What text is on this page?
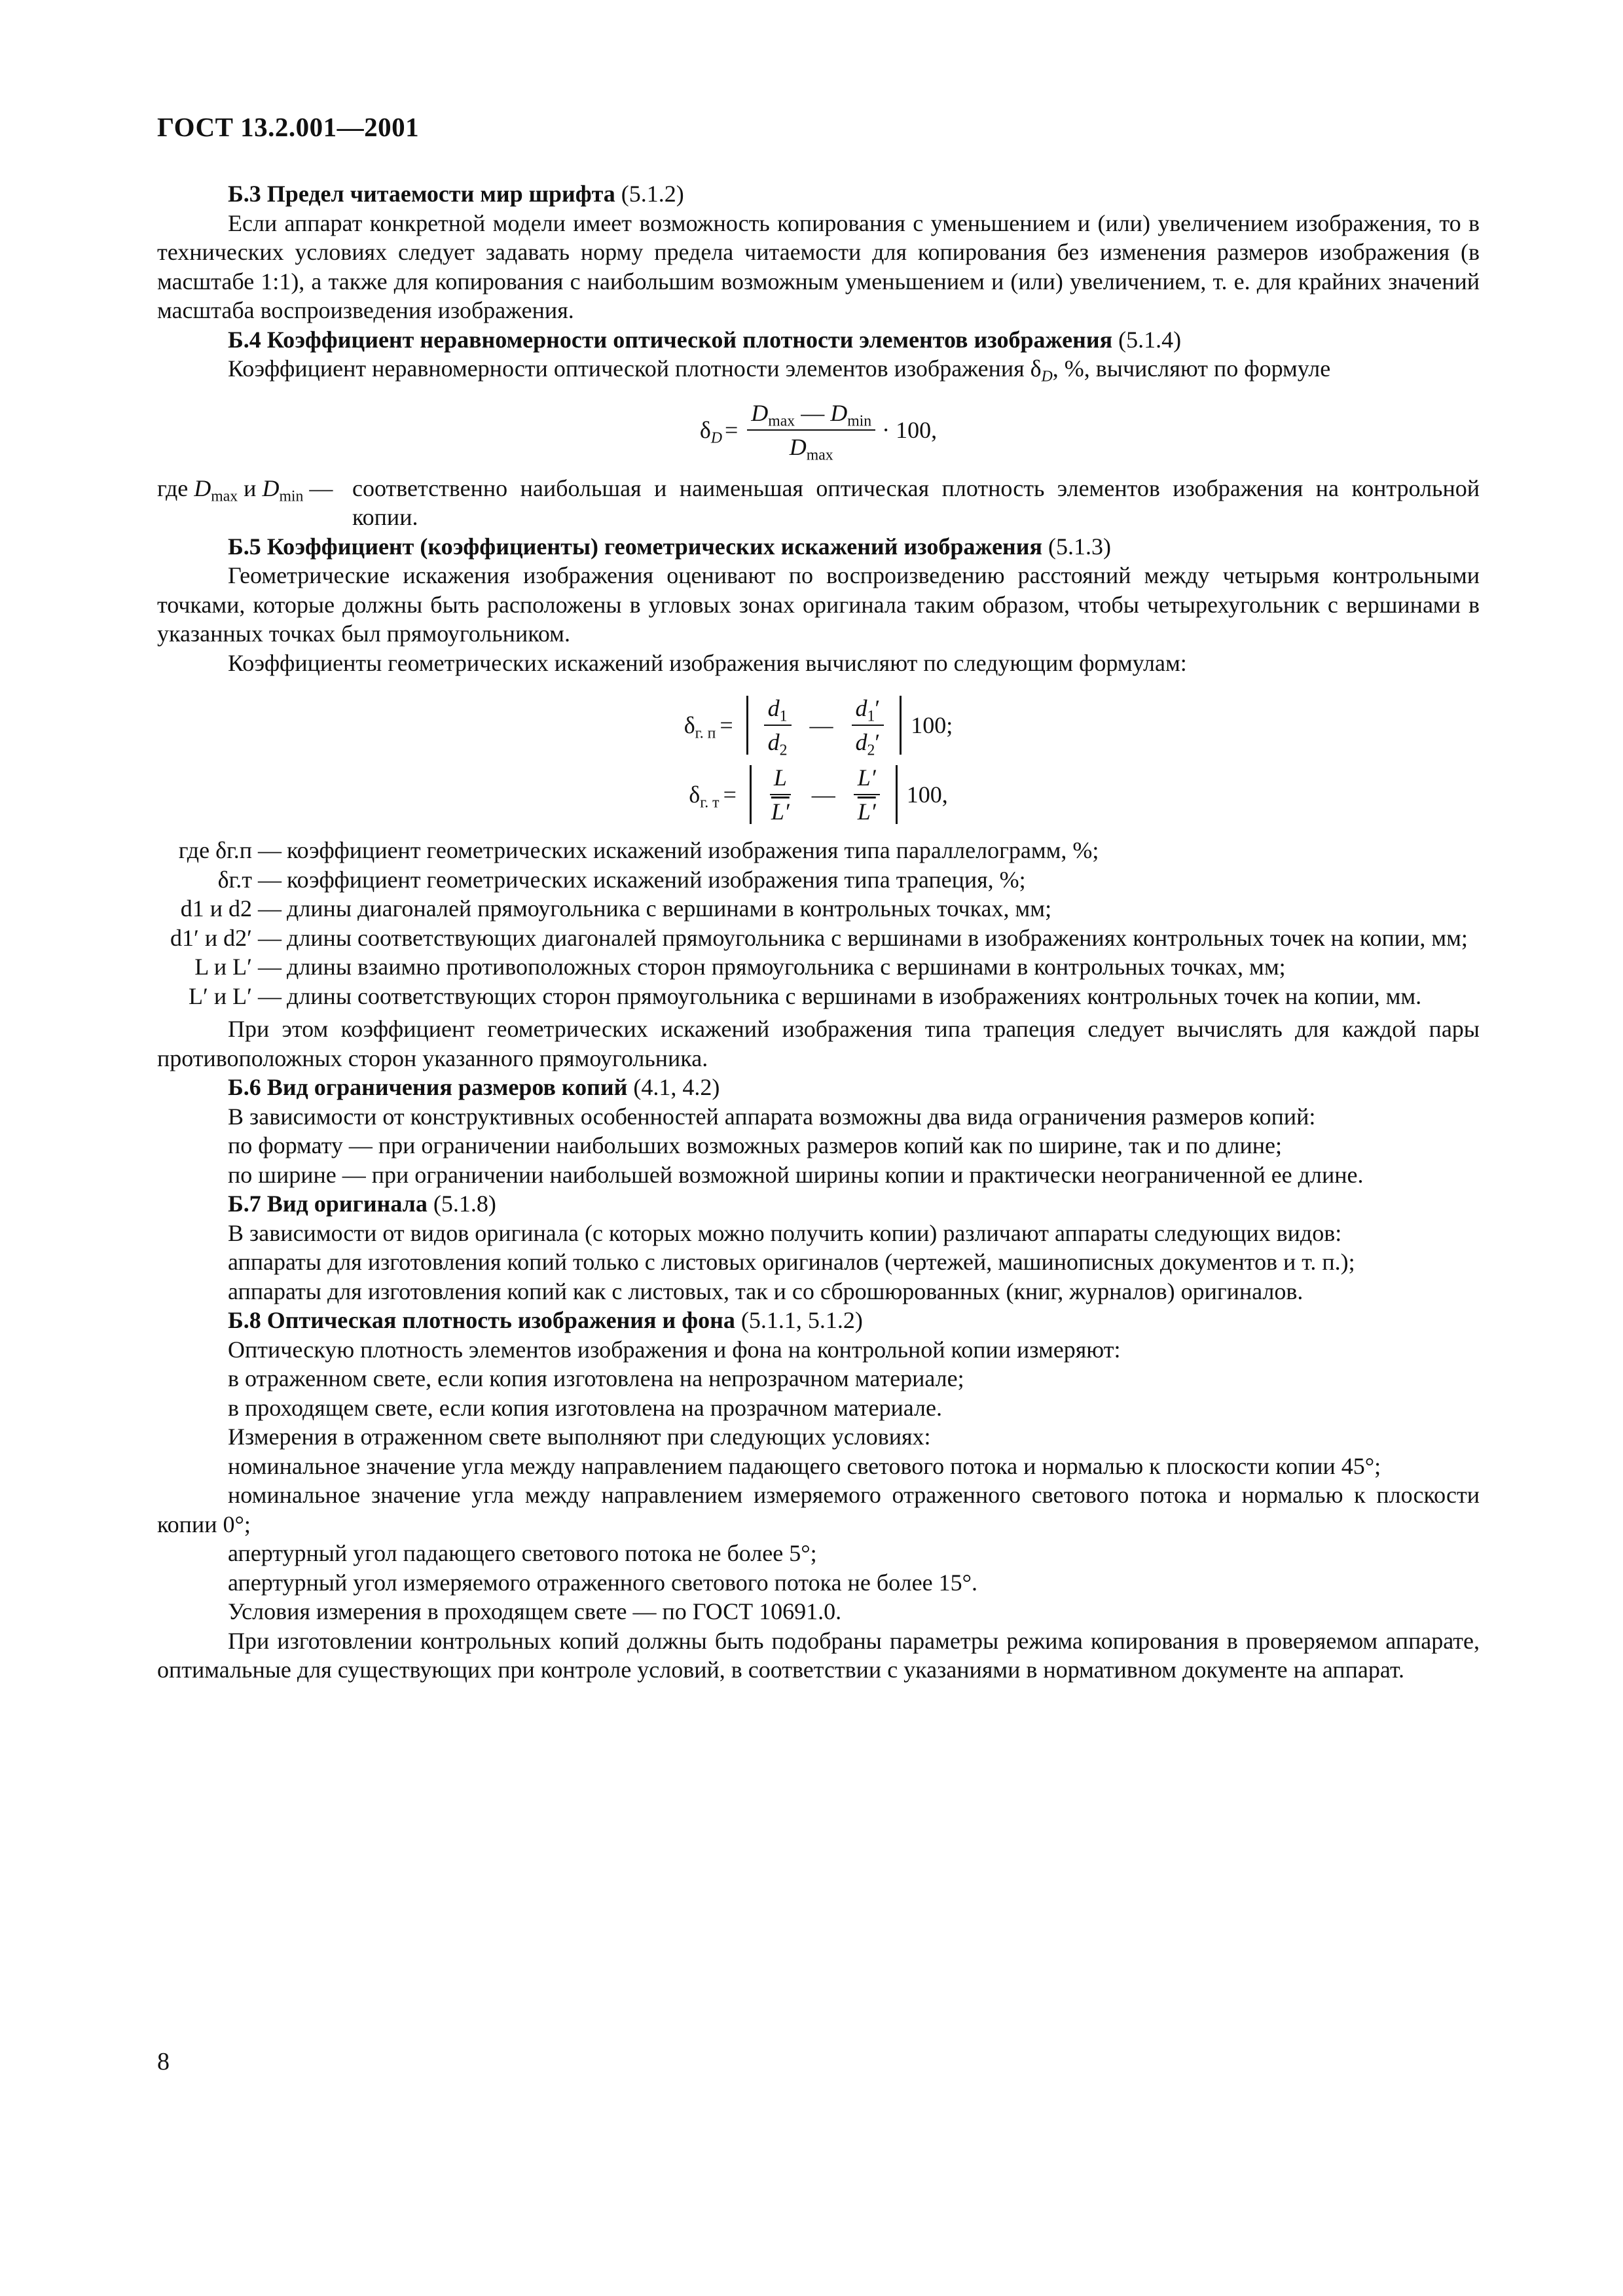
ГОСТ 13.2.001—2001

Б.3 Предел читаемости мир шрифта (5.1.2)

Если аппарат конкретной модели имеет возможность копирования с уменьшением и (или) увеличением изображения, то в технических условиях следует задавать норму предела читаемости для копирования без изменения размеров изображения (в масштабе 1:1), а также для копирования с наибольшим возможным уменьшением и (или) увеличением, т. е. для крайних значений масштаба воспроизведения изображения.

Б.4 Коэффициент неравномерности оптической плотности элементов изображения (5.1.4)

Коэффициент неравномерности оптической плотности элементов изображения $\delta_D$, %, вычисляют по формуле

$\delta_D = \frac{D_{max} — D_{min}}{D_{max}} \cdot 100$,
где $D_{max}$ и $D_{min}$ — соответственно наибольшая и наименьшая оптическая плотность элементов изображения на контрольной копии.

Б.5 Коэффициент (коэффициенты) геометрических искажений изображения (5.1.3)

Геометрические искажения изображения оценивают по воспроизведению расстояний между четырьмя контрольными точками, которые должны быть расположены в угловых зонах оригинала таким образом, чтобы четырехугольник с вершинами в указанных точках был прямоугольником.

Коэффициенты геометрических искажений изображения вычисляют по следующим формулам:

$\delta_{г. п} = \frac{d_1}{d_2}$ — $\frac{d_1'}{d_2'} 100$;
$\delta_{г. т} = \frac{L}{L'}$ — $\frac{L'}{L'} 100$,
где δг.п — коэффициент геометрических искажений изображения типа параллелограмм, %;
δг.т — коэффициент геометрических искажений изображения типа трапеция, %;
d1 и d2 — длины диагоналей прямоугольника с вершинами в контрольных точках, мм;
d1′ и d2′ — длины соответствующих диагоналей прямоугольника с вершинами в изображениях контрольных точек на копии, мм;
L и L′ — длины взаимно противоположных сторон прямоугольника с вершинами в контрольных точках, мм;
L′ и L′ — длины соответствующих сторон прямоугольника с вершинами в изображениях контрольных точек на копии, мм.

При этом коэффициент геометрических искажений изображения типа трапеция следует вычислять для каждой пары противоположных сторон указанного прямоугольника.

Б.6 Вид ограничения размеров копий (4.1, 4.2)

В зависимости от конструктивных особенностей аппарата возможны два вида ограничения размеров копий:

по формату — при ограничении наибольших возможных размеров копий как по ширине, так и по длине;

по ширине — при ограничении наибольшей возможной ширины копии и практически неограниченной ее длине.

Б.7 Вид оригинала (5.1.8)

В зависимости от видов оригинала (с которых можно получить копии) различают аппараты следующих видов:

аппараты для изготовления копий только с листовых оригиналов (чертежей, машинописных документов и т. п.);

аппараты для изготовления копий как с листовых, так и со сброшюрованных (книг, журналов) оригиналов.

Б.8 Оптическая плотность изображения и фона (5.1.1, 5.1.2)

Оптическую плотность элементов изображения и фона на контрольной копии измеряют:

в отраженном свете, если копия изготовлена на непрозрачном материале;

в проходящем свете, если копия изготовлена на прозрачном материале.

Измерения в отраженном свете выполняют при следующих условиях:

номинальное значение угла между направлением падающего светового потока и нормалью к плоскости копии 45°;

номинальное значение угла между направлением измеряемого отраженного светового потока и нормалью к плоскости копии 0°;

апертурный угол падающего светового потока не более 5°;

апертурный угол измеряемого отраженного светового потока не более 15°.

Условия измерения в проходящем свете — по ГОСТ 10691.0.

При изготовлении контрольных копий должны быть подобраны параметры режима копирования в проверяемом аппарате, оптимальные для существующих при контроле условий, в соответствии с указаниями в нормативном документе на аппарат.

8
